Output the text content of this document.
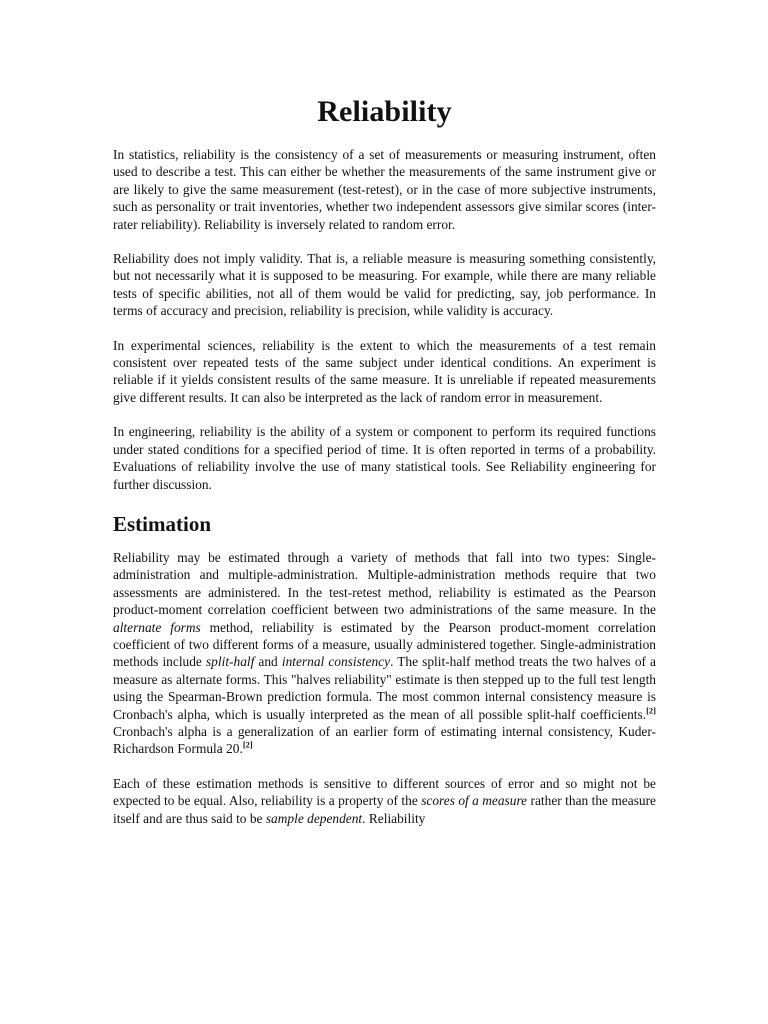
Reliability

In statistics, reliability is the consistency of a set of measurements or measuring instrument, often used to describe a test. This can either be whether the measurements of the same instrument give or are likely to give the same measurement (test-retest), or in the case of more subjective instruments, such as personality or trait inventories, whether two independent assessors give similar scores (inter-rater reliability). Reliability is inversely related to random error.

Reliability does not imply validity. That is, a reliable measure is measuring something consistently, but not necessarily what it is supposed to be measuring. For example, while there are many reliable tests of specific abilities, not all of them would be valid for predicting, say, job performance. In terms of accuracy and precision, reliability is precision, while validity is accuracy.

In experimental sciences, reliability is the extent to which the measurements of a test remain consistent over repeated tests of the same subject under identical conditions. An experiment is reliable if it yields consistent results of the same measure. It is unreliable if repeated measurements give different results. It can also be interpreted as the lack of random error in measurement.

In engineering, reliability is the ability of a system or component to perform its required functions under stated conditions for a specified period of time. It is often reported in terms of a probability. Evaluations of reliability involve the use of many statistical tools. See Reliability engineering for further discussion.

Estimation

Reliability may be estimated through a variety of methods that fall into two types: Single-administration and multiple-administration. Multiple-administration methods require that two assessments are administered. In the test-retest method, reliability is estimated as the Pearson product-moment correlation coefficient between two administrations of the same measure. In the alternate forms method, reliability is estimated by the Pearson product-moment correlation coefficient of two different forms of a measure, usually administered together. Single-administration methods include split-half and internal consistency. The split-half method treats the two halves of a measure as alternate forms. This "halves reliability" estimate is then stepped up to the full test length using the Spearman-Brown prediction formula. The most common internal consistency measure is Cronbach's alpha, which is usually interpreted as the mean of all possible split-half coefficients.[2] Cronbach's alpha is a generalization of an earlier form of estimating internal consistency, Kuder-Richardson Formula 20.[2]

Each of these estimation methods is sensitive to different sources of error and so might not be expected to be equal. Also, reliability is a property of the scores of a measure rather than the measure itself and are thus said to be sample dependent. Reliability
